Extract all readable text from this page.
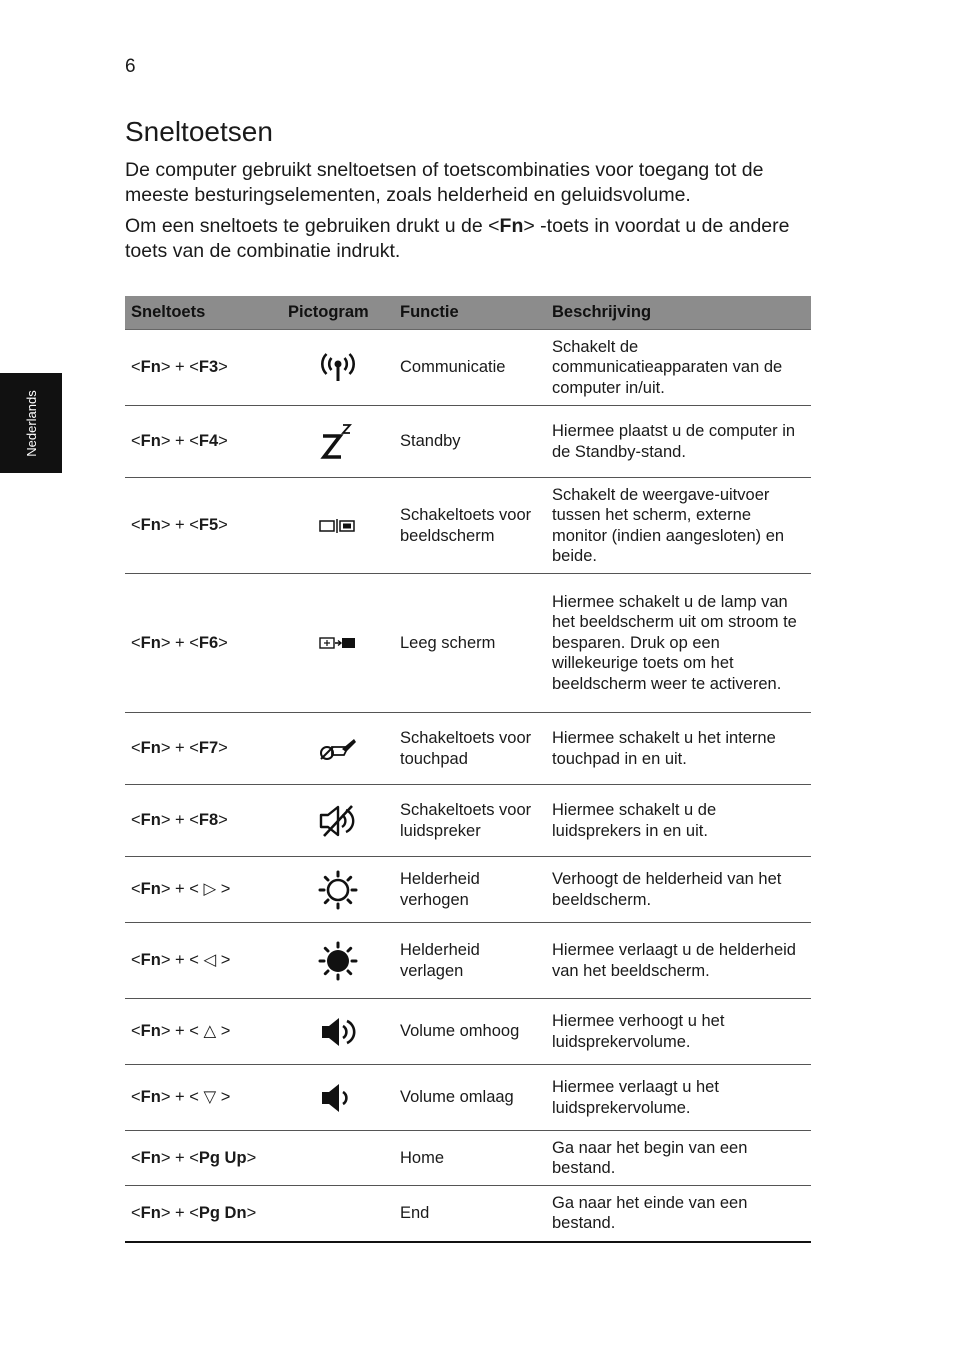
6
Nederlands
Sneltoetsen

De computer gebruikt sneltoetsen of toetscombinaties voor toegang tot de meeste besturingselementen, zoals helderheid en geluidsvolume.

Om een sneltoets te gebruiken drukt u de <Fn> -toets in voordat u de andere toets van de combinatie indrukt.

Sneltoets	Pictogram	Functie	Beschrijving
<Fn> + <F3>		Communicatie	Schakelt de communicatieapparaten van de computer in/uit.
<Fn> + <F4>		Standby	Hiermee plaatst u de computer in de Standby-stand.
<Fn> + <F5>		Schakeltoets voor beeldscherm	Schakelt de weergave-uitvoer tussen het scherm, externe monitor (indien aangesloten) en beide.
<Fn> + <F6>		Leeg scherm	Hiermee schakelt u de lamp van het beeldscherm uit om stroom te besparen. Druk op een willekeurige toets om het beeldscherm weer te activeren.
<Fn> + <F7>		Schakeltoets voor touchpad	Hiermee schakelt u het interne touchpad in en uit.
<Fn> + <F8>		Schakeltoets voor luidspreker	Hiermee schakelt u de luidsprekers in en uit.
<Fn> + < ▷ >		Helderheid verhogen	Verhoogt de helderheid van het beeldscherm.
<Fn> + < ◁ >		Helderheid verlagen	Hiermee verlaagt u de helderheid van het beeldscherm.
<Fn> + < △ >		Volume omhoog	Hiermee verhoogt u het luidsprekervolume.
<Fn> + < ▽ >		Volume omlaag	Hiermee verlaagt u het luidsprekervolume.
<Fn> + <Pg Up>		Home	Ga naar het begin van een bestand.
<Fn> + <Pg Dn>		End	Ga naar het einde van een bestand.
